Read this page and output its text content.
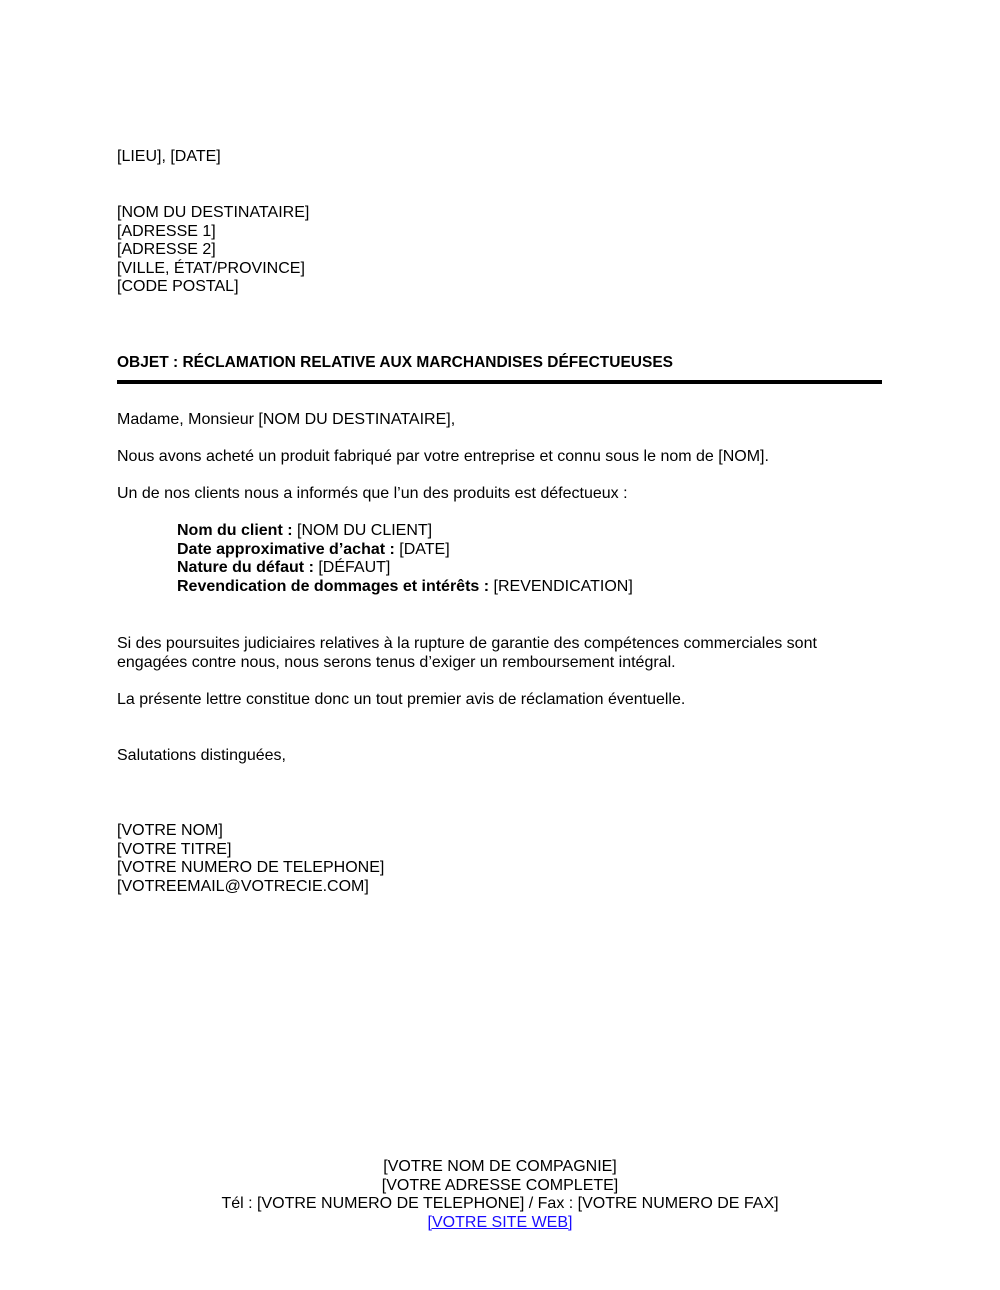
[LIEU], [DATE]
[NOM DU DESTINATAIRE]
[ADRESSE 1]
[ADRESSE 2]
[VILLE, ÉTAT/PROVINCE]
[CODE POSTAL]
OBJET : RÉCLAMATION RELATIVE AUX MARCHANDISES DÉFECTUEUSES
Madame, Monsieur [NOM DU DESTINATAIRE],
Nous avons acheté un produit fabriqué par votre entreprise et connu sous le nom de [NOM].
Un de nos clients nous a informés que l’un des produits est défectueux :
Nom du client : [NOM DU CLIENT]
Date approximative d’achat : [DATE]
Nature du défaut : [DÉFAUT]
Revendication de dommages et intérêts : [REVENDICATION]
Si des poursuites judiciaires relatives à la rupture de garantie des compétences commerciales sont
engagées contre nous, nous serons tenus d’exiger un remboursement intégral.
La présente lettre constitue donc un tout premier avis de réclamation éventuelle.
Salutations distinguées,
[VOTRE NOM]
[VOTRE TITRE]
[VOTRE NUMERO DE TELEPHONE]
[VOTREEMAIL@VOTRECIE.COM]
[VOTRE NOM DE COMPAGNIE]
[VOTRE ADRESSE COMPLETE]
Tél : [VOTRE NUMERO DE TELEPHONE] / Fax : [VOTRE NUMERO DE FAX]
[VOTRE SITE WEB]
